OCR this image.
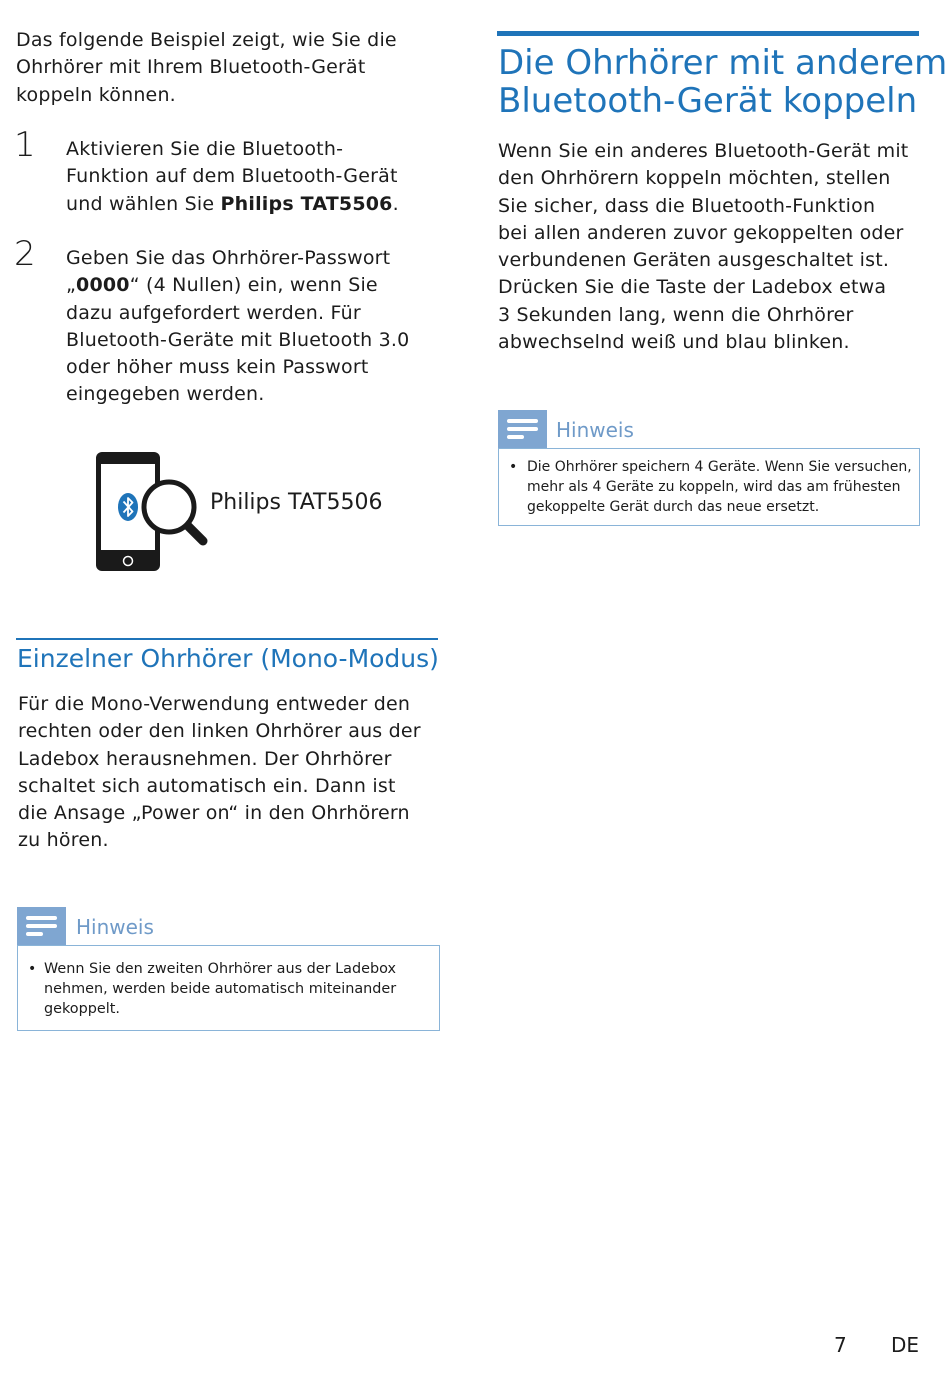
Das folgende Beispiel zeigt, wie Sie die
Ohrhörer mit Ihrem Bluetooth-Gerät
koppeln können.
1 Aktivieren Sie die Bluetooth-
Funktion auf dem Bluetooth-Gerät
und wählen Sie Philips TAT5506.
2 Geben Sie das Ohrhörer-Passwort
„0000“ (4 Nullen) ein, wenn Sie
dazu aufgefordert werden. Für
Bluetooth-Geräte mit Bluetooth 3.0
oder höher muss kein Passwort
eingegeben werden.
Philips TAT5506
Einzelner Ohrhörer (Mono-Modus)
Für die Mono-Verwendung entweder den
rechten oder den linken Ohrhörer aus der
Ladebox herausnehmen. Der Ohrhörer
schaltet sich automatisch ein. Dann ist
die Ansage „Power on“ in den Ohrhörern
zu hören.
Hinweis
• Wenn Sie den zweiten Ohrhörer aus der Ladebox
nehmen, werden beide automatisch miteinander
gekoppelt.
Die Ohrhörer mit anderem
Bluetooth-Gerät koppeln
Wenn Sie ein anderes Bluetooth-Gerät mit
den Ohrhörern koppeln möchten, stellen
Sie sicher, dass die Bluetooth-Funktion
bei allen anderen zuvor gekoppelten oder
verbundenen Geräten ausgeschaltet ist.
Drücken Sie die Taste der Ladebox etwa
3 Sekunden lang, wenn die Ohrhörer
abwechselnd weiß und blau blinken.
Hinweis
• Die Ohrhörer speichern 4 Geräte. Wenn Sie versuchen,
mehr als 4 Geräte zu koppeln, wird das am frühesten
gekoppelte Gerät durch das neue ersetzt.
7 DE
